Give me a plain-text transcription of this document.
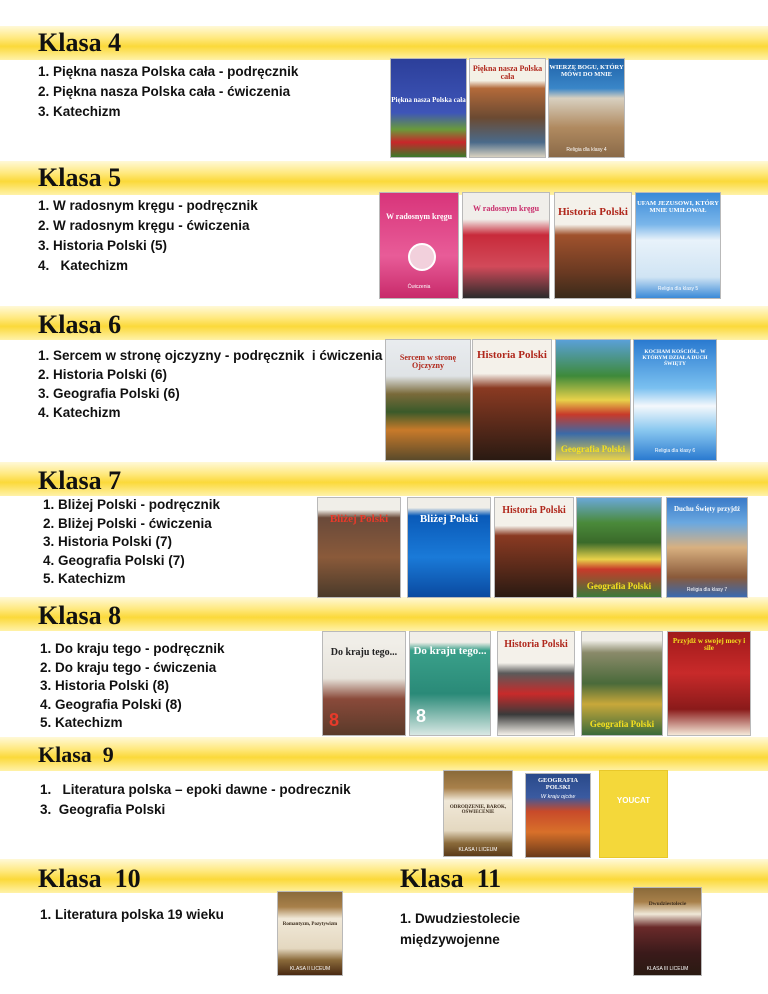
Klasa 4
1. Piękna nasza Polska cała - podręcznik
2. Piękna nasza Polska cała - ćwiczenia
3. Katechizm
Piękna nasza Polska cała
Piękna nasza Polska cała
WIERZĘ BOGU, KTÓRY MÓWI DO MNIE
Religia dla klasy 4
Klasa 5
1. W radosnym kręgu - podręcznik
2. W radosnym kręgu - ćwiczenia
3. Historia Polski (5)
4.   Katechizm
W radosnym kręgu
Ćwiczenia
W radosnym kręgu	Historia Polski
UFAM JEZUSOWI, KTÓRY MNIE UMIŁOWAŁ
Religia dla klasy 5
Klasa 6
1. Sercem w stronę ojczyzny - podręcznik  i ćwiczenia
2. Historia Polski (6)
3. Geografia Polski (6)
4. Katechizm
Sercem w stronę Ojczyzny
Historia Polski
Geografia Polski
KOCHAM KOŚCIÓŁ, W KTÓRYM DZIAŁA DUCH ŚWIĘTY
Religia dla klasy 6
Klasa 7
1. Bliżej Polski - podręcznik
2. Bliżej Polski - ćwiczenia
3. Historia Polski (7)
4. Geografia Polski (7)
5. Katechizm
Bliżej Polski	Bliżej Polski
Historia Polski
Geografia Polski
Duchu Święty przyjdź
Religia dla klasy 7
Klasa 8
1. Do kraju tego - podręcznik
2. Do kraju tego - ćwiczenia
3. Historia Polski (8)
4. Geografia Polski (8)
5. Katechizm
Do kraju tego...
8
Do kraju tego...
8
Historia Polski
Geografia Polski
Przyjdź w swojej mocy i sile
Klasa  9
1.   Literatura polska – epoki dawne - podrecznik
3.  Geografia Polski	ODRODZENIE, BAROK, OŚWIECENIE
KLASA I LICEUM
GEOGRAFIA POLSKI
W kraju ojców	YOUCAT
Klasa  10
1. Literatura polska 19 wieku
Romantyzm, Pozytywizm
KLASA II LICEUM
Klasa  11
1. Dwudziestolecie
międzywojenne
Dwudziestolecie
KLASA III LICEUM
